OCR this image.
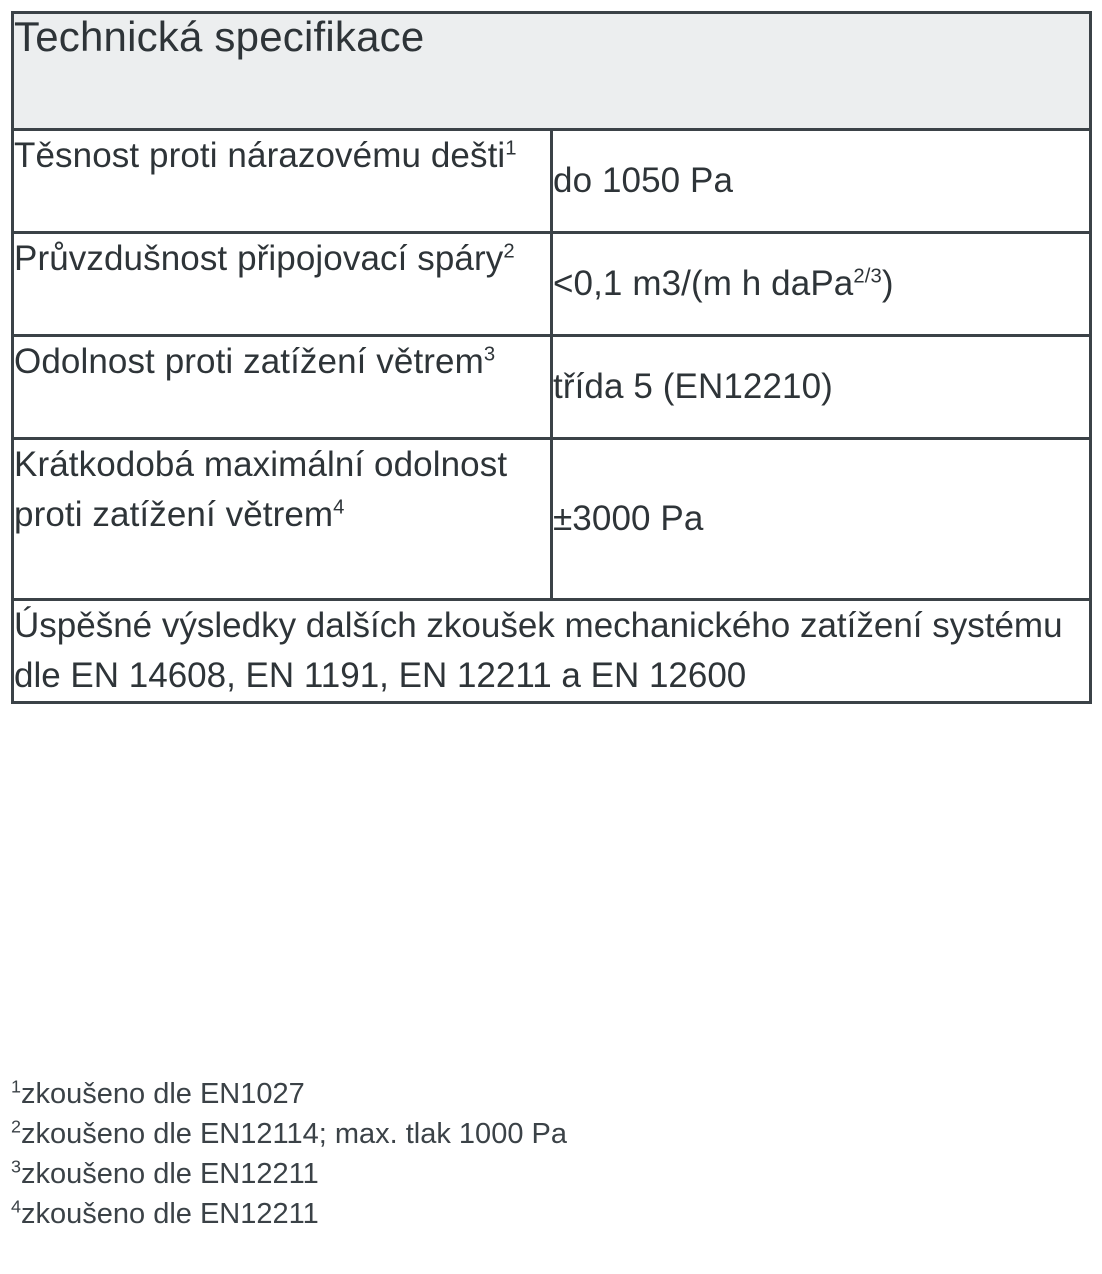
Technická specifikace	

Těsnost proti nárazovému dešti$^1$	do 1050 Pa

Průvzdušnost připojovací spáry$^2$	<0,1 m3/(m h daPa$^{2/3}$)

Odolnost proti zatížení větrem$^3$	třída 5 (EN12210)

Krátkodobá maximální odolnost proti zatížení větrem$^4$	±3000 Pa

Úspěšné výsledky dalších zkoušek mechanického zatížení systému dle EN 14608, EN 1191, EN 12211 a EN 12600	
$^1$zkoušeno dle EN1027
$^2$zkoušeno dle EN12114; max. tlak 1000 Pa
$^3$zkoušeno dle EN12211
$^4$zkoušeno dle EN12211
